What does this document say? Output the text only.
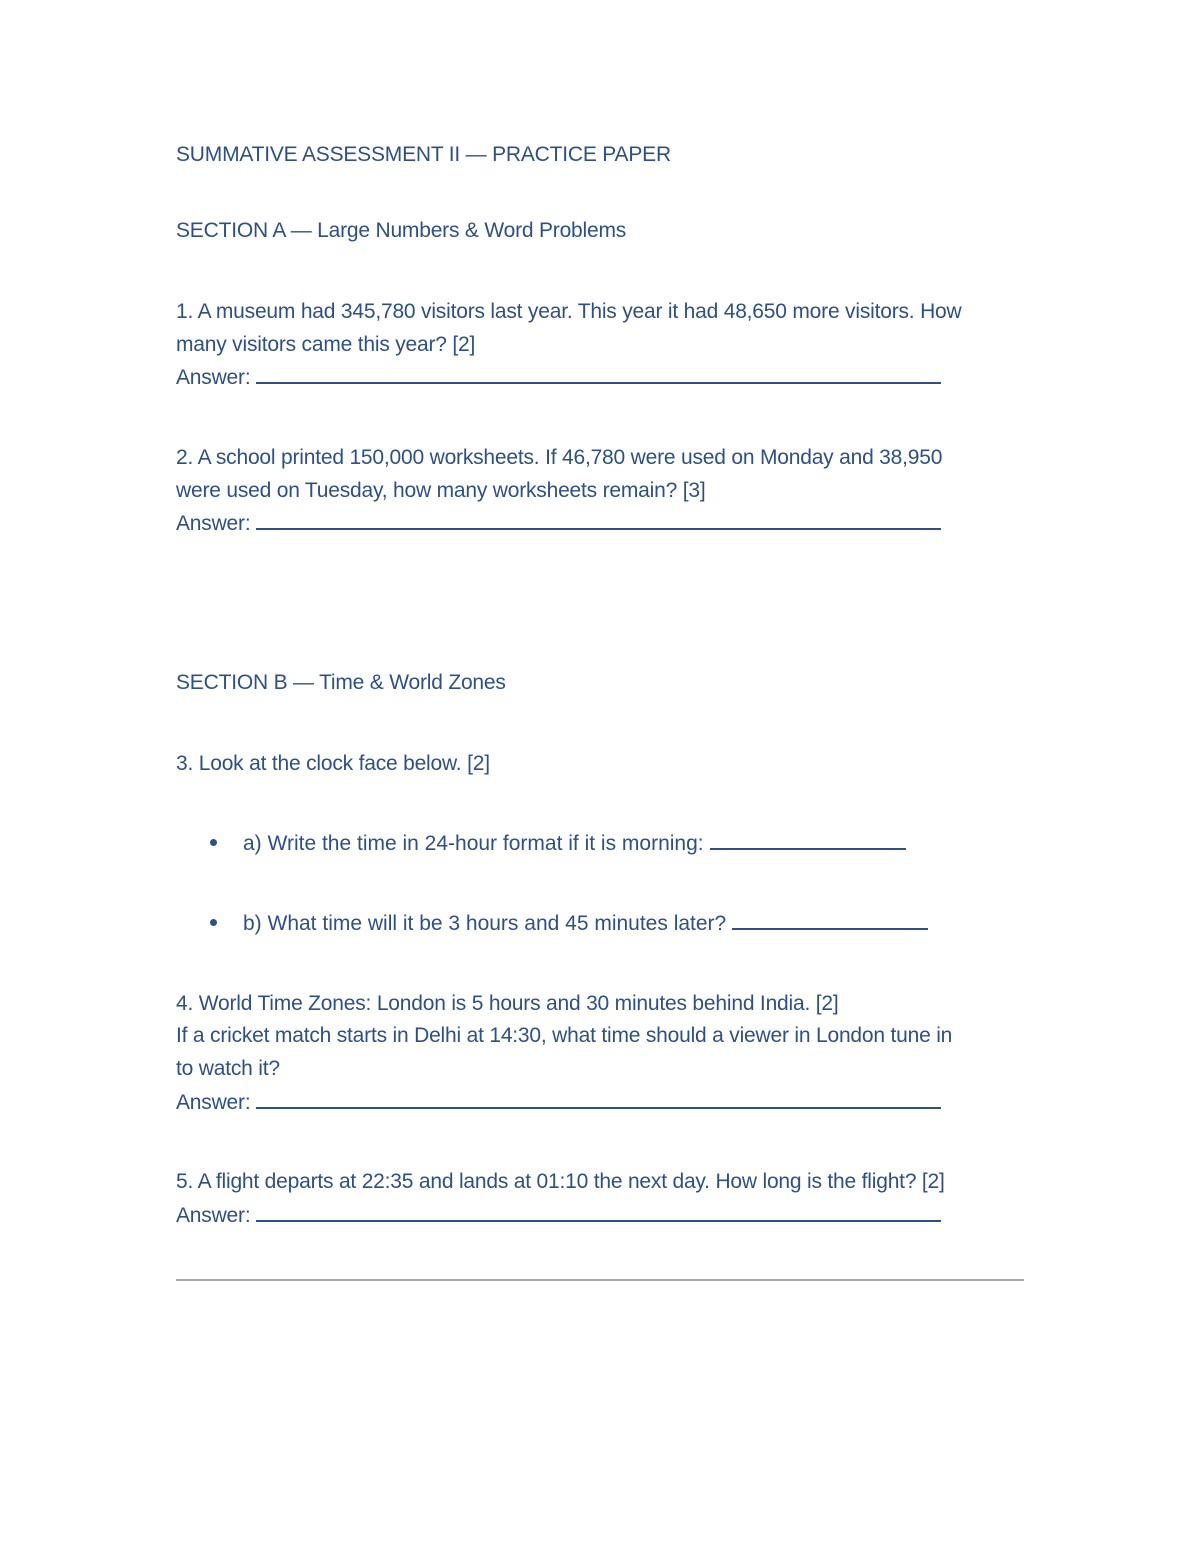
SUMMATIVE ASSESSMENT II — PRACTICE PAPER
SECTION A — Large Numbers & Word Problems
1. A museum had 345,780 visitors last year. This year it had 48,650 more visitors. How
many visitors came this year? [2]
Answer:
2. A school printed 150,000 worksheets. If 46,780 were used on Monday and 38,950
were used on Tuesday, how many worksheets remain? [3]
Answer:
SECTION B — Time & World Zones
3. Look at the clock face below. [2]
a) Write the time in 24-hour format if it is morning:
b) What time will it be 3 hours and 45 minutes later?
4. World Time Zones: London is 5 hours and 30 minutes behind India. [2]
If a cricket match starts in Delhi at 14:30, what time should a viewer in London tune in
to watch it?
Answer:
5. A flight departs at 22:35 and lands at 01:10 the next day. How long is the flight? [2]
Answer:
